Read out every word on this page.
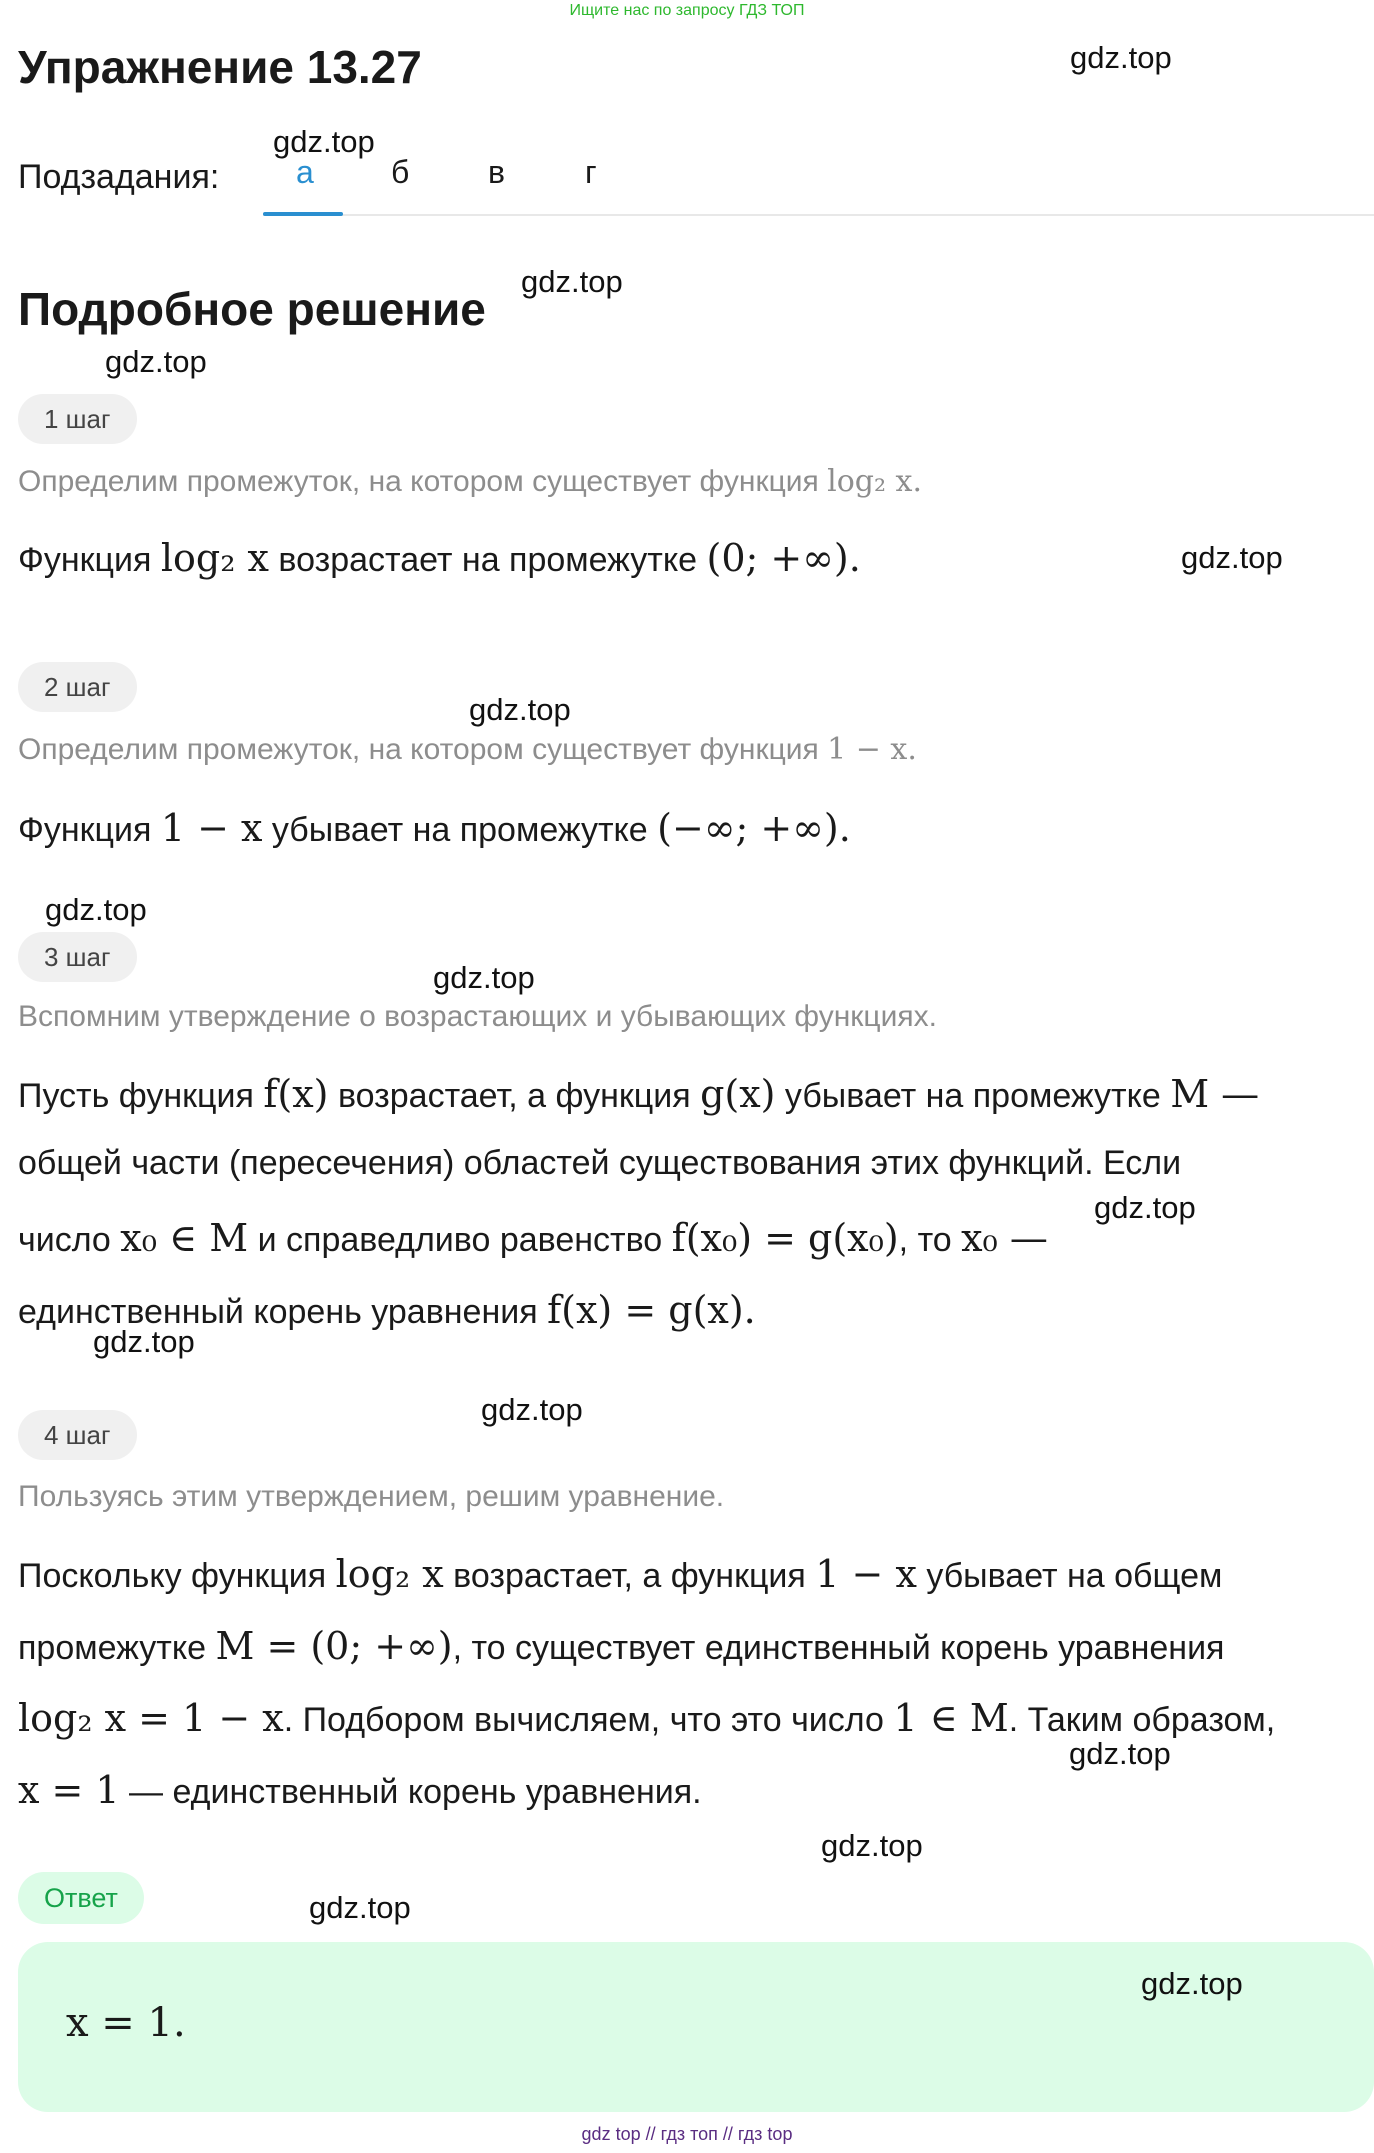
Ищите нас по запросу ГДЗ ТОП
Упражнение 13.27
Подзадания: а б в	г
Подробное решение
1 шаг
Определим промежуток, на котором существует функция log₂ x.
Функция log₂ x возрастает на промежутке (0; +∞).
2 шаг
Определим промежуток, на котором существует функция 1 − x.
Функция 1 − x убывает на промежутке (−∞; +∞).
3 шаг
Вспомним утверждение о возрастающих и убывающих функциях.
Пусть функция f(x) возрастает, а функция g(x) убывает на промежутке M —
общей части (пересечения) областей существования этих функций. Если
число x₀ ∈ M и справедливо равенство f(x₀) = g(x₀), то x₀ —
единственный корень уравнения f(x) = g(x).
4 шаг
Пользуясь этим утверждением, решим уравнение.
Поскольку функция log₂ x возрастает, а функция 1 − x убывает на общем
промежутке M = (0; +∞), то существует единственный корень уравнения
log₂ x = 1 − x. Подбором вычисляем, что это число 1 ∈ M. Таким образом,
x = 1 — единственный корень уравнения.
Ответ
x = 1.
gdz.top
gdz.top
gdz.top
gdz.top
gdz.top
gdz.top
gdz.top
gdz.top
gdz.top
gdz.top
gdz.top
gdz.top
gdz.top
gdz.top
gdz.top
gdz top // гдз топ // гдз top
